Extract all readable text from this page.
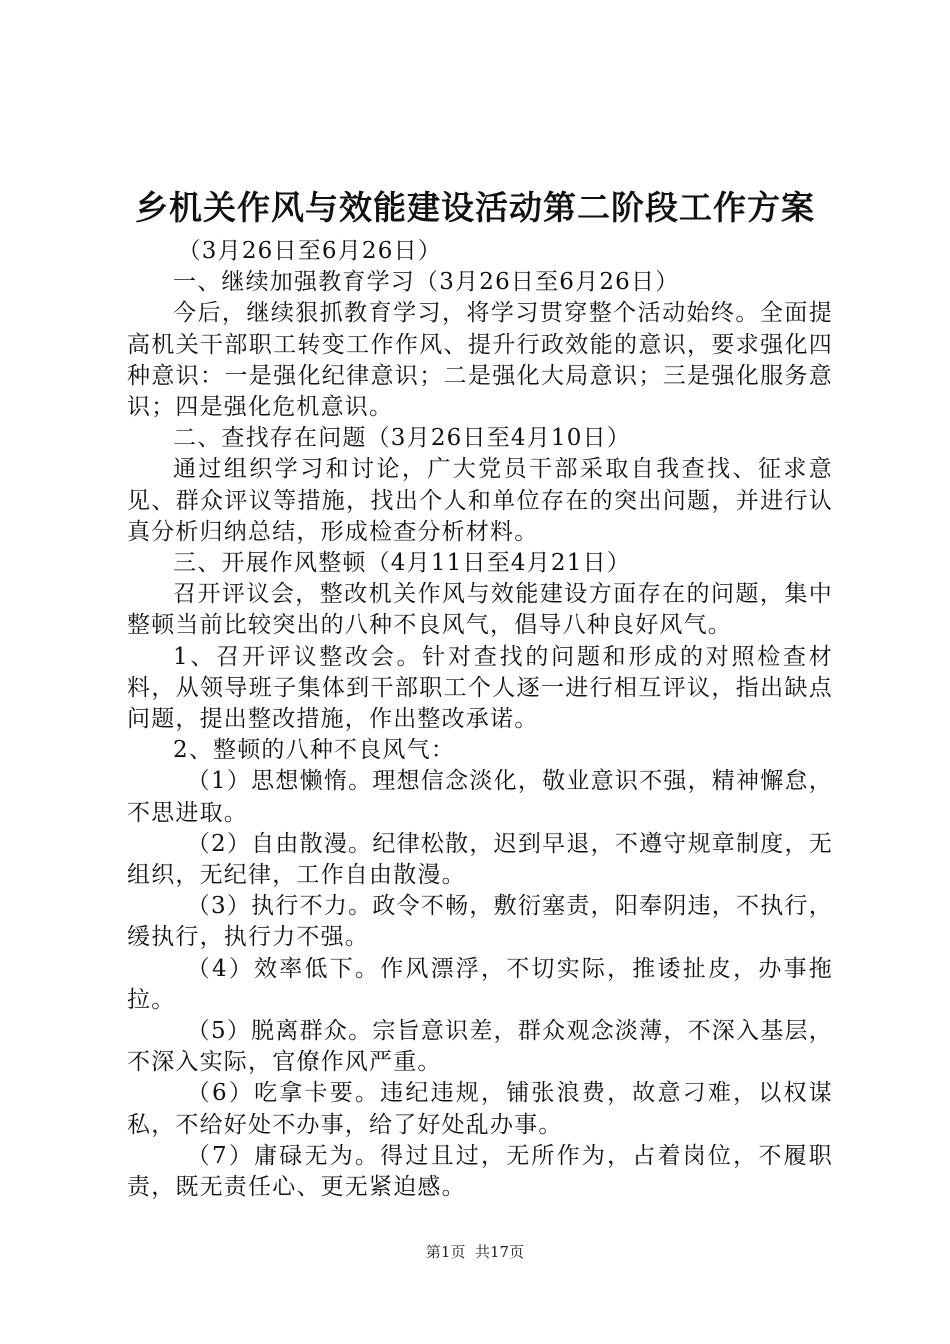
乡机关作风与效能建设活动第二阶段工作方案

（3月26日至6月26日）

一、继续加强教育学习（3月26日至6月26日）

今后，继续狠抓教育学习，将学习贯穿整个活动始终。全面提高机关干部职工转变工作作风、提升行政效能的意识，要求强化四种意识：一是强化纪律意识；二是强化大局意识；三是强化服务意识；四是强化危机意识。

二、查找存在问题（3月26日至4月10日）

通过组织学习和讨论，广大党员干部采取自我查找、征求意见、群众评议等措施，找出个人和单位存在的突出问题，并进行认真分析归纳总结，形成检查分析材料。

三、开展作风整顿（4月11日至4月21日）

召开评议会，整改机关作风与效能建设方面存在的问题，集中整顿当前比较突出的八种不良风气，倡导八种良好风气。

1、召开评议整改会。针对查找的问题和形成的对照检查材料，从领导班子集体到干部职工个人逐一进行相互评议，指出缺点问题，提出整改措施，作出整改承诺。

2、整顿的八种不良风气：

（1）思想懒惰。理想信念淡化，敬业意识不强，精神懈怠，不思进取。

（2）自由散漫。纪律松散，迟到早退，不遵守规章制度，无组织，无纪律，工作自由散漫。

（3）执行不力。政令不畅，敷衍塞责，阳奉阴违，不执行，缓执行，执行力不强。

（4）效率低下。作风漂浮，不切实际，推诿扯皮，办事拖拉。

（5）脱离群众。宗旨意识差，群众观念淡薄，不深入基层，不深入实际，官僚作风严重。

（6）吃拿卡要。违纪违规，铺张浪费，故意刁难，以权谋私，不给好处不办事，给了好处乱办事。

（7）庸碌无为。得过且过，无所作为，占着岗位，不履职责，既无责任心、更无紧迫感。

第1页  共17页
